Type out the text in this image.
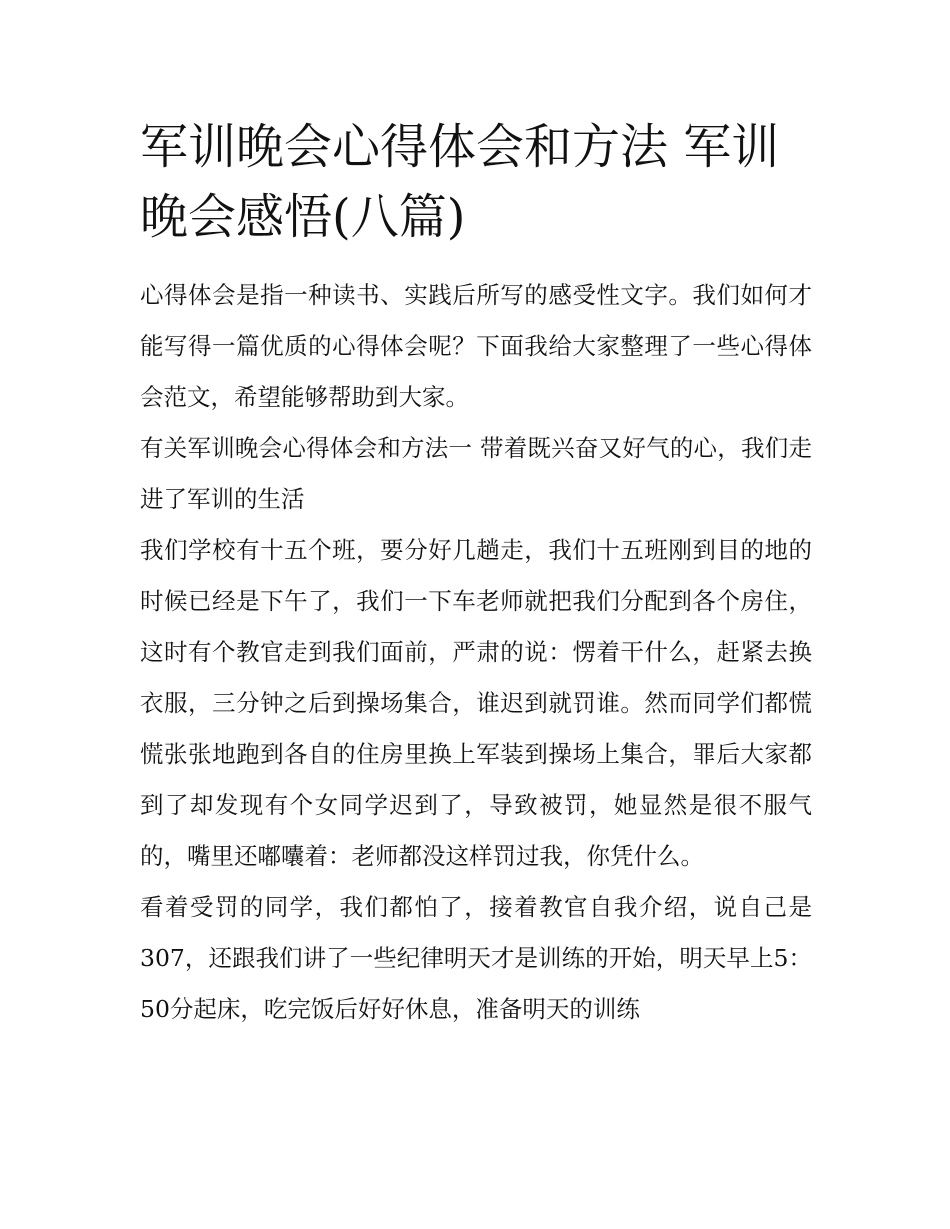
军训晚会心得体会和方法 军训晚会感悟(八篇)

心得体会是指一种读书、实践后所写的感受性文字。我们如何才能写得一篇优质的心得体会呢？下面我给大家整理了一些心得体会范文，希望能够帮助到大家。

有关军训晚会心得体会和方法一 带着既兴奋又好气的心，我们走进了军训的生活

我们学校有十五个班，要分好几趟走，我们十五班刚到目的地的时候已经是下午了，我们一下车老师就把我们分配到各个房住，这时有个教官走到我们面前，严肃的说：愣着干什么，赶紧去换衣服，三分钟之后到操场集合，谁迟到就罚谁。然而同学们都慌慌张张地跑到各自的住房里换上军装到操场上集合，罪后大家都到了却发现有个女同学迟到了，导致被罚，她显然是很不服气的，嘴里还嘟囔着：老师都没这样罚过我，你凭什么。

看着受罚的同学，我们都怕了，接着教官自我介绍，说自己是307，还跟我们讲了一些纪律明天才是训练的开始，明天早上5：50分起床，吃完饭后好好休息，准备明天的训练
